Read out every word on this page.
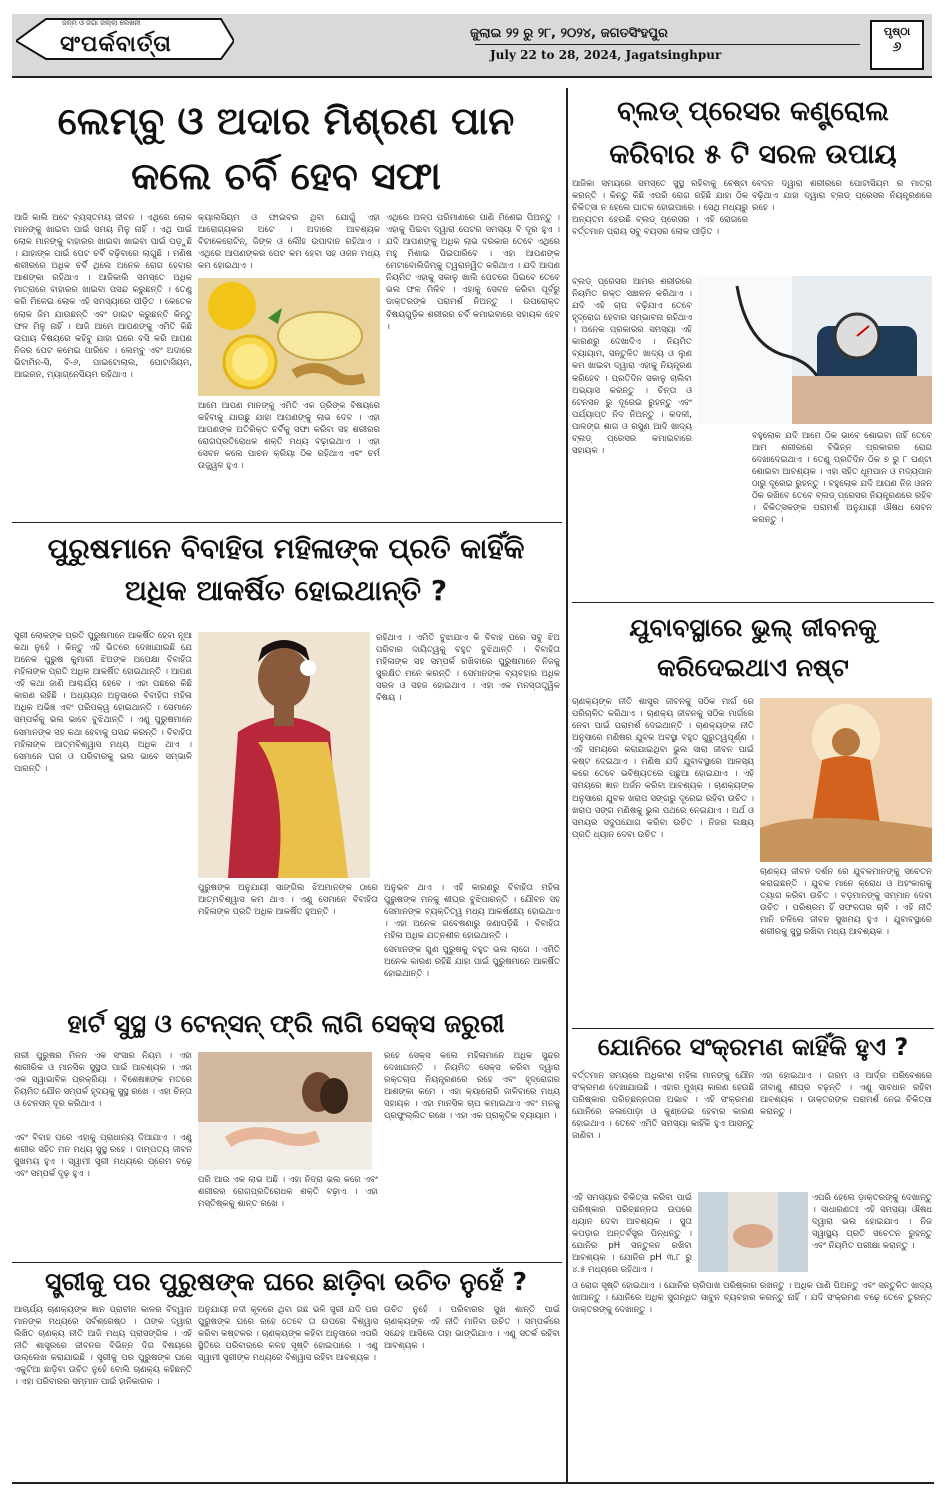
ଜନ୍ମ ଓ ଜଗା ଜିଲ୍ଲା ଲେଖନୀ
ସଂପର୍କବାର୍ତ୍ତା	ଜୁଲାଇ ୨୨ ରୁ ୨୮, ୨୦୨୪, ଜଗତସିଂହପୁର
July 22 to 28, 2024, Jagatsinghpur
ପୃଷ୍ଠା
୬
ଲେମ୍ବୁ ଓ ଅଦାର ମିଶ୍ରଣ ପାନ କଲେ ଚର୍ବି ହେବ ସଫା
ଆଜି କାଲି ଅଟେ ବ୍ୟସ୍ତମୟ ଜୀବନ । ଏଥିରେ ଲୋକ ମାନଙ୍କୁ ଖାଇବା ପାଇଁ ସମୟ ମିଳୁ ନାହିଁ । ଏଥି ପାଇଁ ଲୋକ ମାନଙ୍କୁ ବାହାରର ଖାଇବା ଖାଇବା ପାଇଁ ପଡ଼ୁଛି । ଯାହାଙ୍କ ପାଇଁ ପେଟ ଚର୍ବି ବଢ଼ିବାରେ ଲାଗୁଛି । ମଣିଷ ଶରୀରରେ ଅଧିକ ଚର୍ବି ଥିଲେ ଅନେକ ରୋଗ ହେବାର ଆଶଙ୍କା ରହିଥାଏ । ଆଜିକାଲି ସମସ୍ତେ ଅଧିକ ମାତ୍ରାରେ ବାହାରର ଖାଇବା ପସନ୍ଦ କରୁଛନ୍ତି । ତେଣୁ କରି ମିଳେଇ ଲୋକ ଏହି ସମସ୍ୟାରେ ପୀଡ଼ିତ । କେତେକ ଲୋକ ଜିମ ଯାଉଛନ୍ତି ଏବଂ ଡାଇଟ କରୁଛନ୍ତି କିନ୍ତୁ ଫଳ ମିଳୁ ନାହିଁ । ଆଜି ଆମେ ଆପଣଙ୍କୁ ଏମିତି କିଛି ଉପାୟ ବିଷୟରେ କହିବୁ ଯାହା ଘରେ ବସି କରି ଆପଣ ନିଜର ପେଟ କମେଇ ପାରିବେ । ଲେମ୍ବୁ ଏବଂ ଅଦାରେ ଭିଟାମିନ-ସି, ବି-୬, ପାଇଟୋଲାଲ, ପୋଟାସିୟମ, ଆଇରନ, ମ୍ୟାଗ୍ନେସିୟମ ରହିଥାଏ ।
କ୍ୟାଲସିୟମ ଓ ଫାଇବର ଥିବା ଯୋଗୁଁ ଏହା ଆରୋଗ୍ୟକର ଅଟେ । ଅଦାରେ ଆବଶ୍ୟକ ବିଟାକେରୋଟିନ୍, ଜିଙ୍କ ଓ ଲୌହ ଉପାଦାନ ରହିଥାଏ । ଏଥିରେ ଆପଣଙ୍କର ପେଟ କମ ହେବା ସହ ଓଜନ ମଧ୍ୟ କମ ହୋଇଥାଏ ।
ଆମେ ଆପଣ ମାନଙ୍କୁ ଏମିତି ଏକ ଡ୍ରିଙ୍କ ବିଷୟରେ କହିବାକୁ ଯାଉଛୁ ଯାହା ଆପଣଙ୍କୁ ଲାଭ ଦେବ । ଏହା ଆପଣଙ୍କ ଅତିରିକ୍ତ ଚର୍ବିକୁ ସଫା କରିବା ସହ ଶରୀରର ରୋଗପ୍ରତିରୋଧକ ଶକ୍ତି ମଧ୍ୟ ବଢ଼ାଇଥାଏ । ଏହା ସେବନ କଲେ ପାଚନ କ୍ରିୟା ଠିକ ରହିଥାଏ ଏବଂ ଚର୍ମ ଉଜ୍ଜ୍ୱଳ ହୁଏ ।
ଏଥିରେ ଅଳ୍ପ ପରିମାଣରେ ପାଣି ମିଶେଇ ପିଅନ୍ତୁ । ଏହାକୁ ପିଇବା ଦ୍ୱାରା ପେଟର ସମସ୍ୟା ବି ଦୂର ହୁଏ । ଯଦି ଆପଣଙ୍କୁ ଅଧିକ ଲାଭ ଦରକାର ତେବେ ଏଥିରେ ମହୁ ମିଶାଇ ପିଇପାରିବେ । ଏହା ଆପଣଙ୍କ ମେଟାବୋଲିଜିମ୍‌କୁ ତ୍ୱରାନ୍ୱିତ କରିଥାଏ । ଯଦି ଆପଣ ନିୟମିତ ଏହାକୁ ସକାଳୁ ଖାଲି ପେଟରେ ପିଇବେ ତେବେ ଭଲ ଫଳ ମିଳିବ । ଏହାକୁ ସେବନ କରିବା ପୂର୍ବରୁ ଡାକ୍ତରଙ୍କ ପରାମର୍ଶ ନିଅନ୍ତୁ । ଉପରୋକ୍ତ ବିଷୟଗୁଡ଼ିକ ଶରୀରର ଚର୍ବି କମାଇବାରେ ସହାୟକ ହେବ ।
ବ୍ଲଡ୍ ପ୍ରେସର କଣ୍ଟ୍ରୋଲ କରିବାର ୫ ଟି ସରଳ ଉପାୟ
ଆଜିକା ସମୟରେ ସମସ୍ତେ ସୁସ୍ଥ ରହିବାକୁ ଚେଷ୍ଟା କରନ୍ତି । କିନ୍ତୁ କିଛି ଏପରି ରୋଗ ରହିଛି ଯାହା ଠିକ ଚିକିତ୍ସା ନ ହେଲେ ଘାତକ ହୋଇପାରେ । ସେଥି ମଧ୍ୟରୁ ଅନ୍ୟତମ ହେଉଛି ବ୍ଲଡ୍ ପ୍ରେସର । ଏହି ରୋଗରେ ବର୍ତ୍ତମାନ ପ୍ରାୟ ସବୁ ବୟସର ଲୋକ ପୀଡ଼ିତ ।
ବେଦନ ଦ୍ୱାରା ଶରୀରରେ ପୋଟାସିୟମ ର ମାତ୍ରା ବଢ଼ିଥାଏ ଯାହା ଦ୍ୱାରା ବ୍ଲଡ୍ ପ୍ରେସର ନିୟନ୍ତ୍ରଣରେ ରହେ ।
ବ୍ଲଡ୍ ପ୍ରେସର ଆମର ଶରୀରରେ ନିୟମିତ ରକ୍ତ ସଞ୍ଚାଳନ କରିଥାଏ । ଯଦି ଏହି ଚାପ ବଢ଼ିଯାଏ ତେବେ ହୃଦ୍‌ରୋଗ ହେବାର ସମ୍ଭାବନା ରହିଥାଏ । ଅନେକ ପ୍ରକାରର ସମସ୍ୟା ଏହି କାରଣରୁ ଦେଖାଦିଏ । ନିୟମିତ ବ୍ୟାୟାମ, ସନ୍ତୁଳିତ ଖାଦ୍ୟ ଓ ଲୁଣ କମ ଖାଇବା ଦ୍ୱାରା ଏହାକୁ ନିୟନ୍ତ୍ରଣ କରିହେବ । ପ୍ରତିଦିନ ସକାଳୁ ଚାଲିବା ଅଭ୍ୟାସ କରନ୍ତୁ । ଚିନ୍ତା ଓ ଟେନସନ ରୁ ଦୂରେଇ ରୁହନ୍ତୁ ଏବଂ ପର୍ଯ୍ୟାପ୍ତ ନିଦ ନିଅନ୍ତୁ । କଦଳୀ, ପାଳଙ୍ଗ ଶାଗ ଓ ରସୁଣ ଆଦି ଖାଦ୍ୟ ବ୍ଲଡ୍ ପ୍ରେସର କମାଇବାରେ ସହାୟକ ।
ବହୁଲୋକ ଯଦି ଆମେ ଠିକ ଭାବେ ଶୋଇବା ନାହିଁ ତେବେ ଆମ ଶରୀରରେ ବିଭିନ୍ନ ପ୍ରକାରର ରୋଗ ଦେଖାଦେଇଥାଏ । ତେଣୁ ପ୍ରତିଦିନ ଠିକ ୭ ରୁ ୮ ଘଣ୍ଟା ଶୋଇବା ଆବଶ୍ୟକ । ଏହା ସହିତ ଧୂମପାନ ଓ ମଦ୍ୟପାନ ଠାରୁ ଦୂରେଇ ରୁହନ୍ତୁ । ବହୁଲୋକ ଯଦି ଆପଣ ନିଜ ଓଜନ ଠିକ ରଖିବେ ତେବେ ବ୍ଲଡ୍ ପ୍ରେସର ନିୟନ୍ତ୍ରଣରେ ରହିବ । ଚିକିତ୍ସକଙ୍କ ପରାମର୍ଶ ଅନୁଯାୟୀ ଔଷଧ ସେବନ କରନ୍ତୁ ।
ପୁରୁଷମାନେ ବିବାହିତା ମହିଳାଙ୍କ ପ୍ରତି କାହିଁକି ଅଧିକ ଆକର୍ଷିତ ହୋଇଥାନ୍ତି ?
ସ୍ତ୍ରୀ ଲୋକଙ୍କ ପ୍ରତି ପୁରୁଷମାନେ ଆକର୍ଷିତ ହେବା ନୂଆ କଥା ନୁହେଁ । କିନ୍ତୁ ଏହି ଭିତରେ ଦେଖାଯାଇଛି ଯେ ଅନେକ ପୁରୁଷ କୁମାରୀ ଝିଅଙ୍କ ଅପେକ୍ଷା ବିବାହିତା ମହିଳାଙ୍କ ପ୍ରତି ଅଧିକ ଆକର୍ଷିତ ହୋଇଥାନ୍ତି । ଆପଣ ଏହି କଥା ଜାଣି ଆଶ୍ଚର୍ଯ୍ୟ ହେବେ । ଏହା ପଛରେ କିଛି କାରଣ ରହିଛି । ଅଧ୍ୟୟନ ଅନୁସାରେ ବିବାହିତା ମହିଳା ଅଧିକ ଅଭିଜ୍ଞ ଏବଂ ପରିପକ୍ୱ ହୋଇଥାନ୍ତି । ସେମାନେ ସମ୍ପର୍କକୁ ଭଲ ଭାବେ ବୁଝିଥାନ୍ତି । ଏଣୁ ପୁରୁଷମାନେ ସେମାନଙ୍କ ସହ କଥା ହେବାକୁ ପସନ୍ଦ କରନ୍ତି । ବିବାହିତା ମହିଳାଙ୍କ ଆତ୍ମବିଶ୍ୱାସ ମଧ୍ୟ ଅଧିକ ଥାଏ । ସେମାନେ ଘର ଓ ପରିବାରକୁ ଭଲ ଭାବେ ସମ୍ଭାଳି ପାରନ୍ତି ।
ରହିଥାଏ । ଏମିତି ବୁଝାଯାଏ କି ବିବାହ ପରେ ସବୁ ଝିଅ ପରିବାର ଦାୟିତ୍ୱକୁ ବହୁତ ବୁଝିଥାନ୍ତି । ବିବାହିତା ମହିଳାଙ୍କ ସହ ସମ୍ପର୍କ ରଖିବାରେ ପୁରୁଷମାନେ ନିଜକୁ ସୁରକ୍ଷିତ ମନେ କରନ୍ତି । ସେମାନଙ୍କ ବ୍ୟବହାର ଅଧିକ ସରଳ ଓ ସହଜ ହୋଇଥାଏ । ଏହା ଏକ ମନସ୍ତାତ୍ତ୍ୱିକ ବିଷୟ ।
ପୁରୁଷଙ୍କ ଅନୁଯାୟୀ ସାଙ୍ଗିଲ ଝିଅମାନଙ୍କ ଠାରେ ଆତ୍ମବିଶ୍ୱାସ କମ ଥାଏ । ଏଣୁ ସେମାନେ ବିବାହିତା ମହିଳାଙ୍କ ପ୍ରତି ଅଧିକ ଆକର୍ଷିତ ହୁଅନ୍ତି ।
ଅନୁଭବ ଥାଏ । ଏହି କାରଣରୁ ବିବାହିତା ମହିଳା ପୁରୁଷଙ୍କ ମନକୁ ଶୀଘ୍ର ବୁଝିପାରନ୍ତି । ଯୌବନ ସହ ସେମାନଙ୍କ ବ୍ୟକ୍ତିତ୍ୱ ମଧ୍ୟ ଆକର୍ଷଣୀୟ ହୋଇଥାଏ । ଏହା ଅନେକ ଗବେଷଣାରୁ ଜଣାପଡ଼ିଛି । ବିବାହିତା ମହିଳା ଅଧିକ ଯତ୍ନଶୀଳ ହୋଇଥାନ୍ତି ।
ସେମାନଙ୍କ ଗୁଣ ପୁରୁଷକୁ ବହୁତ ଭଲ ଲାଗେ । ଏମିତି ଅନେକ କାରଣ ରହିଛି ଯାହା ପାଇଁ ପୁରୁଷମାନେ ଆକର୍ଷିତ ହୋଇଥାନ୍ତି ।
ଯୁବାବସ୍ଥାରେ ଭୁଲ୍ ଜୀବନକୁ କରିଦେଇଥାଏ ନଷ୍ଟ
ଚାଣକ୍ୟଙ୍କ ନୀତି ଶାସ୍ତ୍ର ଜୀବନକୁ ସଠିକ ମାର୍ଗ ରେ ପରିଚାଳିତ କରିଥାଏ । ଚାଣକ୍ୟ ଜୀବନକୁ ସଠିକ ମାର୍ଗରେ ନେବା ପାଇଁ ପରାମର୍ଶ ଦେଇଥାନ୍ତି । ଚାଣକ୍ୟଙ୍କ ନୀତି ଅନୁସାରେ ମଣିଷର ଯୁବକ ଅବସ୍ଥା ବହୁତ ଗୁରୁତ୍ୱପୂର୍ଣ୍ଣ । ଏହି ସମୟରେ କରାଯାଇଥିବା ଭୁଲ ସାରା ଜୀବନ ପାଇଁ କଷ୍ଟ ଦେଇଥାଏ । ମଣିଷ ଯଦି ଯୁବାବସ୍ଥାରେ ଆଳସ୍ୟ କରେ ତେବେ ଭବିଷ୍ୟତରେ ପଛୁଆ ହୋଇଯାଏ । ଏହି ସମୟରେ ଜ୍ଞାନ ଅର୍ଜନ କରିବା ଆବଶ୍ୟକ । ଚାଣକ୍ୟଙ୍କ ଅନୁସାରେ ଯୁବକ ଖରାପ ସଙ୍ଗରୁ ଦୂରେଇ ରହିବା ଉଚିତ । ଖରାପ ସଙ୍ଗ ମଣିଷକୁ ଭୁଲ ପଥରେ ନେଇଯାଏ । ଅର୍ଥ ଓ ସମୟର ସଦୁପଯୋଗ କରିବା ଉଚିତ । ନିଜର ଲକ୍ଷ୍ୟ ପ୍ରତି ଧ୍ୟାନ ଦେବା ଉଚିତ ।
ଚାଣକ୍ୟ ଜୀବନ ଦର୍ଶନ ରେ ଯୁବକମାନଙ୍କୁ ସଚେତନ କରାଇଛନ୍ତି । ଯୁବକ ମାନେ କ୍ରୋଧ ଓ ଅହଂକାରକୁ ତ୍ୟାଗ କରିବା ଉଚିତ । ବଡ଼ମାନଙ୍କୁ ସମ୍ମାନ ଦେବା ଉଚିତ । ପରିଶ୍ରମ ହିଁ ସଫଳତାର ଚାବି । ଏହି ନୀତି ମାନି ଚଳିଲେ ଜୀବନ ସୁଖମୟ ହୁଏ । ଯୁବାବସ୍ଥାରେ ଶରୀରକୁ ସୁସ୍ଥ ରଖିବା ମଧ୍ୟ ଆବଶ୍ୟକ ।
ହାର୍ଟ ସୁସ୍ଥ ଓ ଟେନ୍‌ସନ୍ ଫ୍ରି ଲାଗି ସେକ୍ସ ଜରୁରୀ
ନାରୀ ପୁରୁଷର ମିଳନ ଏକ ସଂସାର ନିୟମ । ଏହା ଶାରୀରିକ ଓ ମାନସିକ ସୁସ୍ଥତା ପାଇଁ ଆବଶ୍ୟକ । ଏହା ଏକ ସ୍ୱାଭାବିକ ପ୍ରକ୍ରିୟା । ବିଶେଷଜ୍ଞଙ୍କ ମତରେ ନିୟମିତ ଯୌନ ସମ୍ପର୍କ ହୃଦୟକୁ ସୁସ୍ଥ ରଖେ । ଏହା ଚିନ୍ତା ଓ ଟେନସନ୍ ଦୂର କରିଥାଏ ।
ଏବଂ ବିବାହ ପରେ ଏହାକୁ ପ୍ରାଧାନ୍ୟ ଦିଆଯାଏ । ଏଣୁ ଶରୀର ସହିତ ମନ ମଧ୍ୟ ସୁସ୍ଥ ରହେ । ଦାମ୍ପତ୍ୟ ଜୀବନ ସୁଖମୟ ହୁଏ । ସ୍ୱାମୀ ସ୍ତ୍ରୀ ମଧ୍ୟରେ ପ୍ରେମ ବଢ଼େ ଏବଂ ସମ୍ପର୍କ ଦୃଢ଼ ହୁଏ ।
ପରି ଆଉ ଏକ ଲାଭ ଅଛି । ଏହା ନିଦ୍ରା ଭଲ କରେ ଏବଂ ଶରୀରର ରୋଗପ୍ରତିରୋଧକ ଶକ୍ତି ବଢ଼ାଏ । ଏହା ମସ୍ତିଷ୍କକୁ ଶାନ୍ତ ରଖେ ।
ରହେ ସେକ୍ସ କଲେ ମହିଳାମାନେ ଅଧିକ ସୁନ୍ଦର ଦେଖାଯାନ୍ତି । ନିୟମିତ ସେକ୍ସ କରିବା ଦ୍ୱାରା ରକ୍ତଚାପ ନିୟନ୍ତ୍ରଣରେ ରହେ ଏବଂ ହୃଦ୍‌ରୋଗର ଆଶଙ୍କା କମେ । ଏହା କ୍ୟାଲୋରି ଜାଳିବାରେ ମଧ୍ୟ ସହାୟକ । ଏହା ମାନସିକ ଚାପ କମାଇଥାଏ ଏବଂ ମନକୁ ପ୍ରଫୁଲ୍ଲିତ ରଖେ । ଏହା ଏକ ପ୍ରାକୃତିକ ବ୍ୟାୟାମ ।
ଯୋନିରେ ସଂକ୍ରମଣ କାହିଁକି ହୁଏ ?
ବର୍ତ୍ତମାନ ସମୟରେ ଅଧିକାଂଶ ମହିଳା ମାନଙ୍କୁ ଯୌନ ସଂକ୍ରମଣ ଦେଖାଯାଉଛି । ଏହାର ମୁଖ୍ୟ କାରଣ ହେଉଛି ପରିଷ୍କାର ପରିଚ୍ଛନ୍ନତାର ଅଭାବ । ଏହି ସଂକ୍ରମଣ ଯୋନିରେ ଜଳାପୋଡ଼ା ଓ କୁଣ୍ଡେଇ ହେବାର କାରଣ ହୋଇଥାଏ । ତେବେ ଏମିତି ସମସ୍ୟା କାହିଁକି ହୁଏ ଆସନ୍ତୁ ଜାଣିବା ।
ଏହା ହୋଇଥାଏ । ଗରମ ଓ ଆର୍ଦ୍ର ପରିବେଶରେ ଜୀବାଣୁ ଶୀଘ୍ର ବଢ଼ନ୍ତି । ଏଣୁ ସାବଧାନ ରହିବା ଆବଶ୍ୟକ । ଡାକ୍ତରଙ୍କ ପରାମର୍ଶ ନେଇ ଚିକିତ୍ସା କରାନ୍ତୁ ।
ଏହି ସମସ୍ୟାର ଚିକିତ୍ସା କରିବା ପାଇଁ ପରିଷ୍କାର ପରିଚ୍ଛନ୍ନତା ଉପରେ ଧ୍ୟାନ ଦେବା ଆବଶ୍ୟକ । ସୁତା କପଡ଼ାର ଅନ୍ତର୍ବସ୍ତ୍ର ପିନ୍ଧନ୍ତୁ । ଯୋନିର pH ସନ୍ତୁଳନ ରଖିବା ଆବଶ୍ୟକ । ଯୋନିର pH ୩.୮ ରୁ ୪.୫ ମଧ୍ୟରେ ରହିଥାଏ ।
ଏପରି ହେଲେ ଡ଼ାକ୍ତରଙ୍କୁ ଦେଖାନ୍ତୁ । ସାଧାରଣତଃ ଏହି ସମସ୍ୟା ଔଷଧ ଦ୍ୱାରା ଭଲ ହୋଇଯାଏ । ନିଜ ସ୍ୱାସ୍ଥ୍ୟ ପ୍ରତି ସଚେତନ ରୁହନ୍ତୁ ଏବଂ ନିୟମିତ ପରୀକ୍ଷା କରାନ୍ତୁ ।
ସ୍ତ୍ରୀକୁ ପର ପୁରୁଷଙ୍କ ଘରେ ଛାଡ଼ିବା ଉଚିତ ନୁହେଁ ?
ଆଚାର୍ଯ୍ୟ ଚାଣକ୍ୟଙ୍କ ଜ୍ଞାନ ପ୍ରାଚୀନ କାଳର ବିଦ୍ୱାନ ମାନଙ୍କ ମଧ୍ୟରେ ସର୍ବଶ୍ରେଷ୍ଠ । ତାଙ୍କ ଦ୍ୱାରା ଲିଖିତ ଚାଣକ୍ୟ ନୀତି ଆଜି ମଧ୍ୟ ପ୍ରାସଙ୍ଗିକ । ଏହି ନୀତି ଶାସ୍ତ୍ରରେ ଜୀବନର ବିଭିନ୍ନ ଦିଗ ବିଷୟରେ ଉଲ୍ଲେଖ କରାଯାଇଛି । ସ୍ତ୍ରୀକୁ ପର ପୁରୁଷଙ୍କ ଘରେ ଏକୁଟିଆ ଛାଡ଼ିବା ଉଚିତ ନୁହେଁ ବୋଲି ଚାଣକ୍ୟ କହିଛନ୍ତି । ଏହା ପରିବାରର ସମ୍ମାନ ପାଇଁ ହାନିକାରକ ।
ଅନୁଯାୟୀ ନଦୀ କୂଳରେ ଥିବା ଗଛ ଭଳି ସ୍ତ୍ରୀ ଯଦି ପର ପୁରୁଷଙ୍କ ଘରେ ରହେ ତେବେ ତା ଉପରେ ବିଶ୍ୱାସ କରିବା କଷ୍ଟକର । ଚାଣକ୍ୟଙ୍କ କହିବା ଅନୁସାରେ ଏପରି ସ୍ଥିତିରେ ପରିବାରରେ କଳହ ସୃଷ୍ଟି ହୋଇପାରେ । ଏଣୁ ସ୍ୱାମୀ ସ୍ତ୍ରୀଙ୍କ ମଧ୍ୟରେ ବିଶ୍ୱାସ ରହିବା ଆବଶ୍ୟକ ।
ଉଚିତ ନୁହେଁ । ପରିବାରର ସୁଖ ଶାନ୍ତି ପାଇଁ ଚାଣକ୍ୟଙ୍କ ଏହି ନୀତି ମାନିବା ଉଚିତ । ସମ୍ପର୍କରେ ସନ୍ଦେହ ଆସିଲେ ତାହା ଭାଙ୍ଗିଯାଏ । ଏଣୁ ସତର୍କ ରହିବା ଆବଶ୍ୟକ ।
ଓ ରୋଗ ସୃଷ୍ଟି ହୋଇଥାଏ । ଯୋନିର ଚାରିପାଖ ପରିଷ୍କାର ରଖନ୍ତୁ । ଅଧିକ ପାଣି ପିଅନ୍ତୁ ଏବଂ ସନ୍ତୁଳିତ ଖାଦ୍ୟ ଖାଆନ୍ତୁ । ଯୋନିରେ ଅଧିକ ସୁଗନ୍ଧିତ ସାବୁନ ବ୍ୟବହାର କରନ୍ତୁ ନାହିଁ । ଯଦି ସଂକ୍ରମଣ ବଢ଼େ ତେବେ ତୁରନ୍ତ ଡାକ୍ତରଙ୍କୁ ଦେଖାନ୍ତୁ ।
